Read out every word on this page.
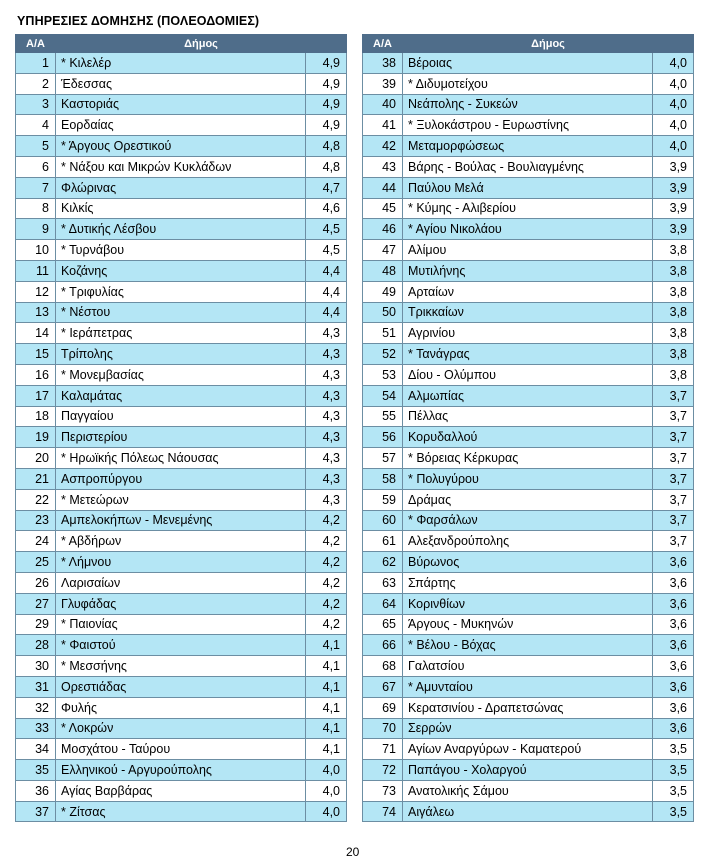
ΥΠΗΡΕΣΙΕΣ ΔΟΜΗΣΗΣ (ΠΟΛΕΟΔΟΜΙΕΣ)
Α/Α	Δήμος	
1	* Κιλελέρ	4,9
2	Έδεσσας	4,9
3	Καστοριάς	4,9
4	Εορδαίας	4,9
5	* Άργους Ορεστικού	4,8
6	* Νάξου και Μικρών Κυκλάδων	4,8
7	Φλώρινας	4,7
8	Κιλκίς	4,6
9	* Δυτικής Λέσβου	4,5
10	* Τυρνάβου	4,5
11	Κοζάνης	4,4
12	* Τριφυλίας	4,4
13	* Νέστου	4,4
14	* Ιεράπετρας	4,3
15	Τρίπολης	4,3
16	* Μονεμβασίας	4,3
17	Καλαμάτας	4,3
18	Παγγαίου	4,3
19	Περιστερίου	4,3
20	* Ηρωϊκής Πόλεως Νάουσας	4,3
21	Ασπροπύργου	4,3
22	* Μετεώρων	4,3
23	Αμπελοκήπων - Μενεμένης	4,2
24	* Αβδήρων	4,2
25	* Λήμνου	4,2
26	Λαρισαίων	4,2
27	Γλυφάδας	4,2
29	* Παιονίας	4,2
28	* Φαιστού	4,1
30	* Μεσσήνης	4,1
31	Ορεστιάδας	4,1
32	Φυλής	4,1
33	* Λοκρών	4,1
34	Μοσχάτου - Ταύρου	4,1
35	Ελληνικού - Αργυρούπολης	4,0
36	Αγίας Βαρβάρας	4,0
37	* Ζίτσας	4,0
Α/Α	Δήμος	
38	Βέροιας	4,0
39	* Διδυμοτείχου	4,0
40	Νεάπολης - Συκεών	4,0
41	* Ξυλοκάστρου - Ευρωστίνης	4,0
42	Μεταμορφώσεως	4,0
43	Βάρης - Βούλας - Βουλιαγμένης	3,9
44	Παύλου Μελά	3,9
45	* Κύμης - Αλιβερίου	3,9
46	* Αγίου Νικολάου	3,9
47	Αλίμου	3,8
48	Μυτιλήνης	3,8
49	Αρταίων	3,8
50	Τρικκαίων	3,8
51	Αγρινίου	3,8
52	* Τανάγρας	3,8
53	Δίου - Ολύμπου	3,8
54	Αλμωπίας	3,7
55	Πέλλας	3,7
56	Κορυδαλλού	3,7
57	* Βόρειας Κέρκυρας	3,7
58	* Πολυγύρου	3,7
59	Δράμας	3,7
60	* Φαρσάλων	3,7
61	Αλεξανδρούπολης	3,7
62	Βύρωνος	3,6
63	Σπάρτης	3,6
64	Κορινθίων	3,6
65	Άργους - Μυκηνών	3,6
66	* Βέλου - Βόχας	3,6
68	Γαλατσίου	3,6
67	* Αμυνταίου	3,6
69	Κερατσινίου - Δραπετσώνας	3,6
70	Σερρών	3,6
71	Αγίων Αναργύρων - Καματερού	3,5
72	Παπάγου - Χολαργού	3,5
73	Ανατολικής Σάμου	3,5
74	Αιγάλεω	3,5
20
